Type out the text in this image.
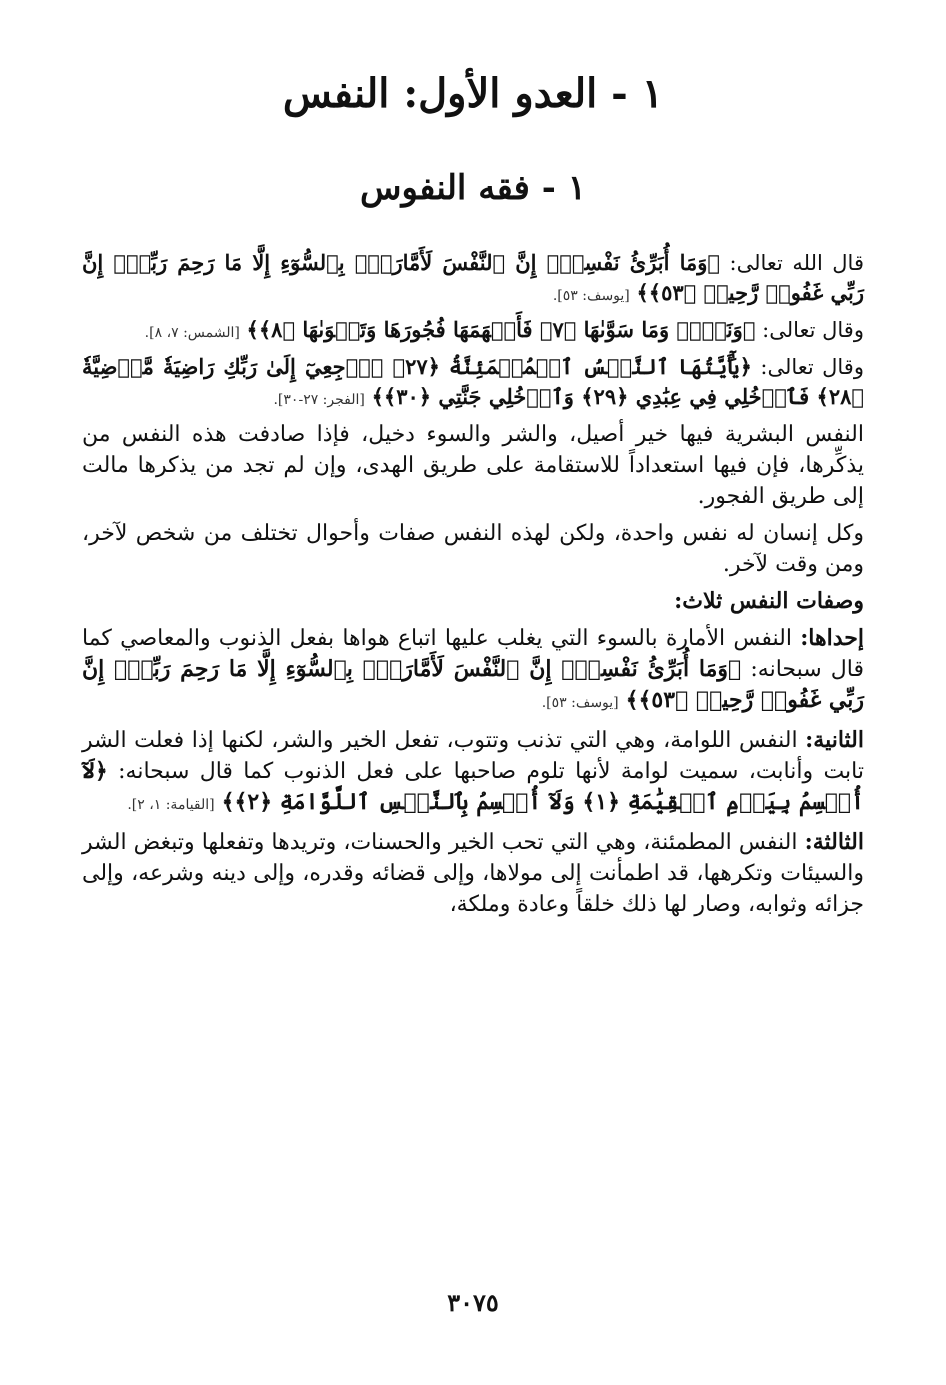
١ - العدو الأول: النفس
١ - فقه النفوس

قال الله تعالى: ﴿وَمَا أُبَرِّئُ نَفْسِيٓۚ إِنَّ ٱلنَّفْسَ لَأَمَّارَةُۢ بِٱلسُّوٓءِ إِلَّا مَا رَحِمَ رَبِّيٓۚ إِنَّ رَبِّي غَفُورٞ رَّحِيمٞ ﴿٥٣﴾﴾ [يوسف: ٥٣].

وقال تعالى: ﴿وَنَفۡسٖ وَمَا سَوَّىٰهَا ﴿٧﴾ فَأَلۡهَمَهَا فُجُورَهَا وَتَقۡوَىٰهَا ﴿٨﴾﴾ [الشمس: ٧، ٨].

وقال تعالى: ﴿يَٰٓأَيَّتُهَا ٱلنَّفۡسُ ٱلۡمُطۡمَئِنَّةُ ﴿٢٧﴾ ٱرۡجِعِيٓ إِلَىٰ رَبِّكِ رَاضِيَةٗ مَّرۡضِيَّةٗ ﴿٢٨﴾ فَٱدۡخُلِي فِي عِبَٰدِي ﴿٢٩﴾ وَٱدۡخُلِي جَنَّتِي ﴿٣٠﴾﴾ [الفجر: ٢٧-٣٠].

النفس البشرية فيها خير أصيل، والشر والسوء دخيل، فإذا صادفت هذه النفس من يذكِّرها، فإن فيها استعداداً للاستقامة على طريق الهدى، وإن لم تجد من يذكرها مالت إلى طريق الفجور.

وكل إنسان له نفس واحدة، ولكن لهذه النفس صفات وأحوال تختلف من شخص لآخر، ومن وقت لآخر.

وصفات النفس ثلاث:

إحداها: النفس الأمارة بالسوء التي يغلب عليها اتباع هواها بفعل الذنوب والمعاصي كما قال سبحانه: ﴿وَمَا أُبَرِّئُ نَفْسِيٓۚ إِنَّ ٱلنَّفْسَ لَأَمَّارَةُۢ بِٱلسُّوٓءِ إِلَّا مَا رَحِمَ رَبِّيٓۚ إِنَّ رَبِّي غَفُورٞ رَّحِيمٞ ﴿٥٣﴾﴾ [يوسف: ٥٣].

الثانية: النفس اللوامة، وهي التي تذنب وتتوب، تفعل الخير والشر، لكنها إذا فعلت الشر تابت وأنابت، سميت لوامة لأنها تلوم صاحبها على فعل الذنوب كما قال سبحانه: ﴿لَآ أُقۡسِمُ بِيَوۡمِ ٱلۡقِيَٰمَةِ ﴿١﴾ وَلَآ أُقۡسِمُ بِٱلنَّفۡسِ ٱللَّوَّامَةِ ﴿٢﴾﴾ [القيامة: ١، ٢].

الثالثة: النفس المطمئنة، وهي التي تحب الخير والحسنات، وتريدها وتفعلها وتبغض الشر والسيئات وتكرهها، قد اطمأنت إلى مولاها، وإلى قضائه وقدره، وإلى دينه وشرعه، وإلى جزائه وثوابه، وصار لها ذلك خلقاً وعادة وملكة،

٣٠٧٥
